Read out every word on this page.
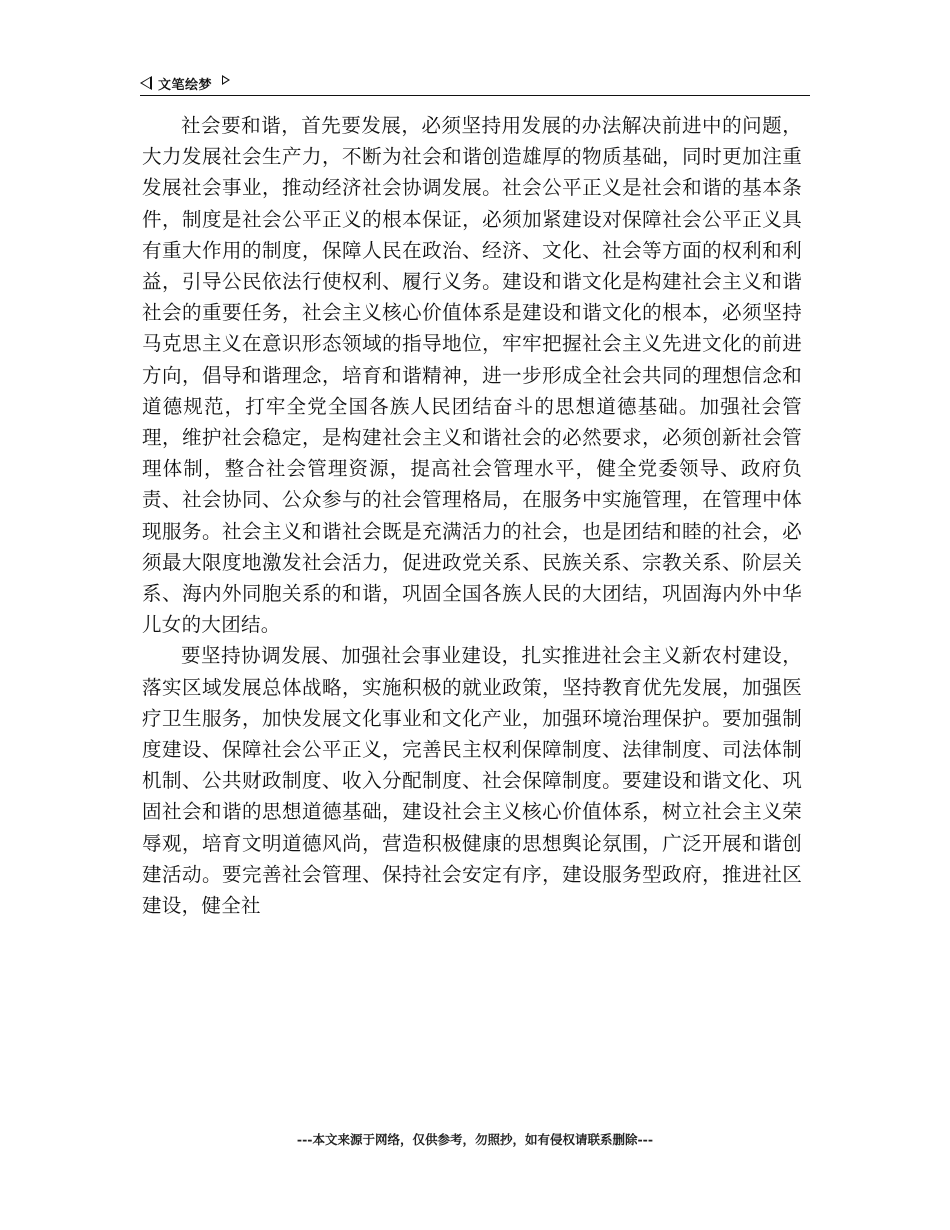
文笔绘梦

社会要和谐，首先要发展，必须坚持用发展的办法解决前进中的问题，大力发展社会生产力，不断为社会和谐创造雄厚的物质基础，同时更加注重发展社会事业，推动经济社会协调发展。社会公平正义是社会和谐的基本条件，制度是社会公平正义的根本保证，必须加紧建设对保障社会公平正义具有重大作用的制度，保障人民在政治、经济、文化、社会等方面的权利和利益，引导公民依法行使权利、履行义务。建设和谐文化是构建社会主义和谐社会的重要任务，社会主义核心价值体系是建设和谐文化的根本，必须坚持马克思主义在意识形态领域的指导地位，牢牢把握社会主义先进文化的前进方向，倡导和谐理念，培育和谐精神，进一步形成全社会共同的理想信念和道德规范，打牢全党全国各族人民团结奋斗的思想道德基础。加强社会管理，维护社会稳定，是构建社会主义和谐社会的必然要求，必须创新社会管理体制，整合社会管理资源，提高社会管理水平，健全党委领导、政府负责、社会协同、公众参与的社会管理格局，在服务中实施管理，在管理中体现服务。社会主义和谐社会既是充满活力的社会，也是团结和睦的社会，必须最大限度地激发社会活力，促进政党关系、民族关系、宗教关系、阶层关系、海内外同胞关系的和谐，巩固全国各族人民的大团结，巩固海内外中华儿女的大团结。

要坚持协调发展、加强社会事业建设，扎实推进社会主义新农村建设，落实区域发展总体战略，实施积极的就业政策，坚持教育优先发展，加强医疗卫生服务，加快发展文化事业和文化产业，加强环境治理保护。要加强制度建设、保障社会公平正义，完善民主权利保障制度、法律制度、司法体制机制、公共财政制度、收入分配制度、社会保障制度。要建设和谐文化、巩固社会和谐的思想道德基础，建设社会主义核心价值体系，树立社会主义荣辱观，培育文明道德风尚，营造积极健康的思想舆论氛围，广泛开展和谐创建活动。要完善社会管理、保持社会安定有序，建设服务型政府，推进社区建设，健全社

---本文来源于网络，仅供参考，勿照抄，如有侵权请联系删除---
